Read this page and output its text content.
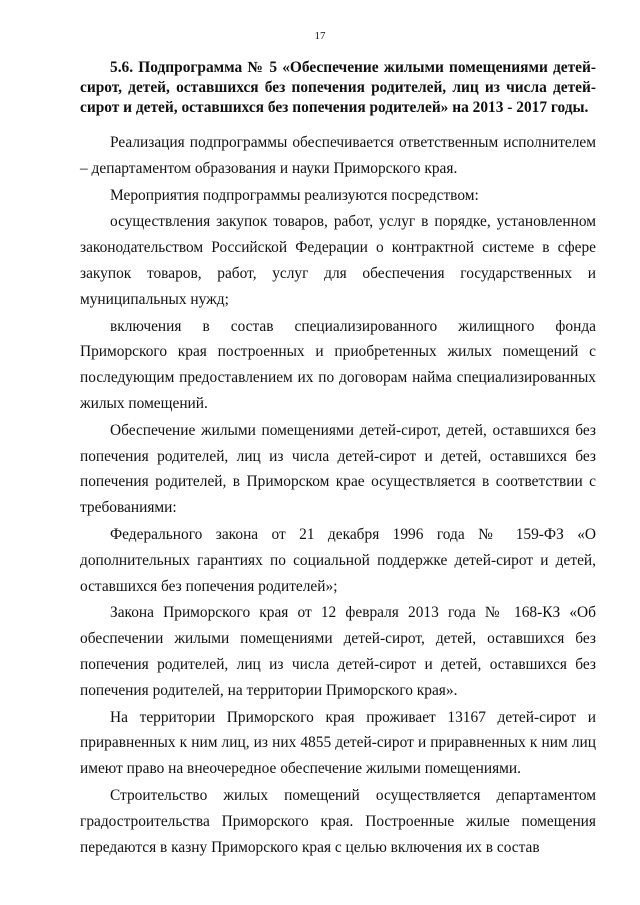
17
5.6. Подпрограмма № 5 «Обеспечение жилыми помещениями детей-сирот, детей, оставшихся без попечения родителей, лиц из числа детей-сирот и детей, оставшихся без попечения родителей» на 2013 - 2017 годы.

Реализация подпрограммы обеспечивается ответственным исполнителем – департаментом образования и науки Приморского края.

Мероприятия подпрограммы реализуются посредством:

осуществления закупок товаров, работ, услуг в порядке, установленном законодательством Российской Федерации о контрактной системе в сфере закупок товаров, работ, услуг для обеспечения государственных и муниципальных нужд;

включения в состав специализированного жилищного фонда Приморского края построенных и приобретенных жилых помещений с последующим предоставлением их по договорам найма специализированных жилых помещений.

Обеспечение жилыми помещениями детей-сирот, детей, оставшихся без попечения родителей, лиц из числа детей-сирот и детей, оставшихся без попечения родителей, в Приморском крае осуществляется в соответствии с требованиями:

Федерального закона от 21 декабря 1996 года № 159-ФЗ «О дополнительных гарантиях по социальной поддержке детей-сирот и детей, оставшихся без попечения родителей»;

Закона Приморского края от 12 февраля 2013 года № 168-КЗ «Об обеспечении жилыми помещениями детей-сирот, детей, оставшихся без попечения родителей, лиц из числа детей-сирот и детей, оставшихся без попечения родителей, на территории Приморского края».

На территории Приморского края проживает 13167 детей-сирот и приравненных к ним лиц, из них 4855 детей-сирот и приравненных к ним лиц имеют право на внеочередное обеспечение жилыми помещениями.

Строительство жилых помещений осуществляется департаментом градостроительства Приморского края. Построенные жилые помещения передаются в казну Приморского края с целью включения их в состав
